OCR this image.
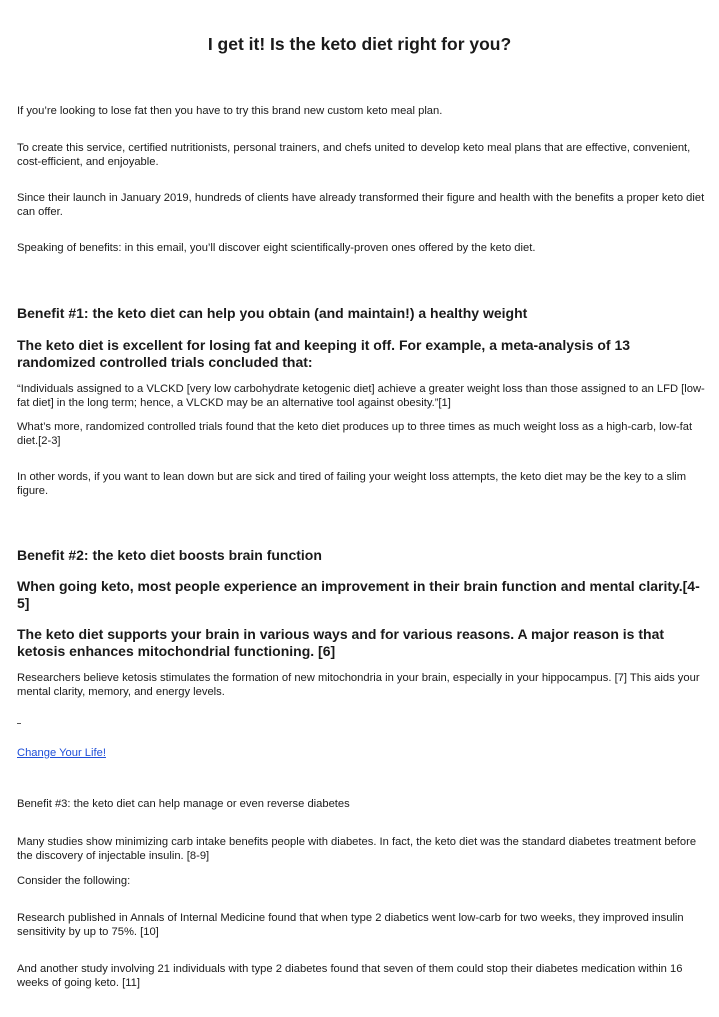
I get it! Is the keto diet right for you?

If you’re looking to lose fat then you have to try this brand new custom keto meal plan.

To create this service, certified nutritionists, personal trainers, and chefs united to develop keto meal plans that are effective, convenient, cost-efficient, and enjoyable.

Since their launch in January 2019, hundreds of clients have already transformed their figure and health with the benefits a proper keto diet can offer.

Speaking of benefits: in this email, you’ll discover eight scientifically-proven ones offered by the keto diet.

Benefit #1: the keto diet can help you obtain (and maintain!) a healthy weight
The keto diet is excellent for losing fat and keeping it off. For example, a meta-analysis of 13 randomized controlled trials concluded that:

“Individuals assigned to a VLCKD [very low carbohydrate ketogenic diet] achieve a greater weight loss than those assigned to an LFD [low-fat diet] in the long term; hence, a VLCKD may be an alternative tool against obesity.”[1]

What’s more, randomized controlled trials found that the keto diet produces up to three times as much weight loss as a high-carb, low-fat diet.[2-3]

In other words, if you want to lean down but are sick and tired of failing your weight loss attempts, the keto diet may be the key to a slim figure.

Benefit #2: the keto diet boosts brain function
When going keto, most people experience an improvement in their brain function and mental clarity.[4-5]
The keto diet supports your brain in various ways and for various reasons. A major reason is that ketosis enhances mitochondrial functioning. [6]

Researchers believe ketosis stimulates the formation of new mitochondria in your brain, especially in your hippocampus. [7] This aids your mental clarity, memory, and energy levels.

Change Your Life!

Benefit #3: the keto diet can help manage or even reverse diabetes

Many studies show minimizing carb intake benefits people with diabetes. In fact, the keto diet was the standard diabetes treatment before the discovery of injectable insulin. [8-9]

Consider the following:

Research published in Annals of Internal Medicine found that when type 2 diabetics went low-carb for two weeks, they improved insulin sensitivity by up to 75%. [10]

And another study involving 21 individuals with type 2 diabetes found that seven of them could stop their diabetes medication within 16 weeks of going keto. [11]
